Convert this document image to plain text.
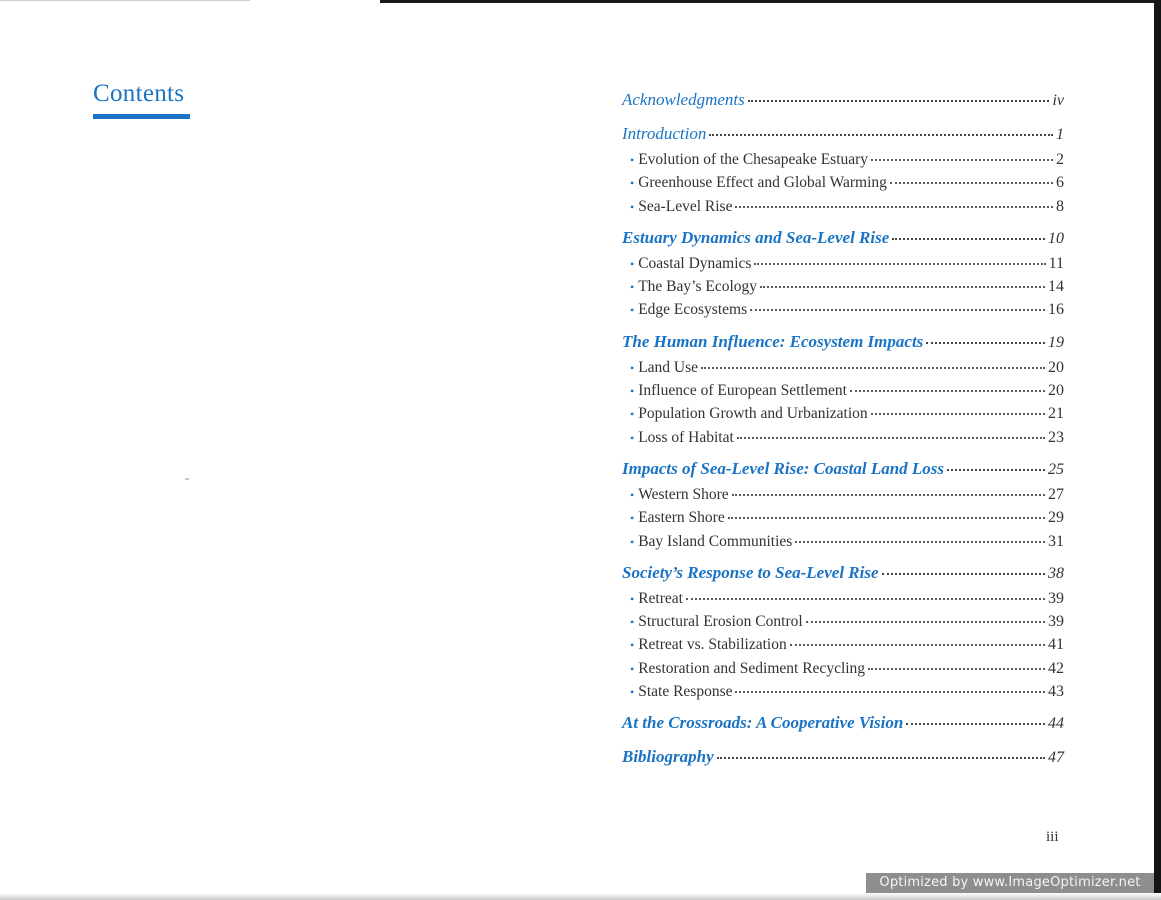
Contents	Acknowledgments	iv
Introduction	1
• Evolution of the Chesapeake Estuary	2
• Greenhouse Effect and Global Warming	6
• Sea-Level Rise	8
Estuary Dynamics and Sea-Level Rise	10
• Coastal Dynamics	11
• The Bay’s Ecology	14
• Edge Ecosystems	16
The Human Influence: Ecosystem Impacts	19
• Land Use	20
• Influence of European Settlement	20
• Population Growth and Urbanization	21
• Loss of Habitat	23
Impacts of Sea-Level Rise: Coastal Land Loss	25
• Western Shore	27
• Eastern Shore	29
• Bay Island Communities	31
Society’s Response to Sea-Level Rise	38
• Retreat	39
• Structural Erosion Control	39
• Retreat vs. Stabilization	41
• Restoration and Sediment Recycling	42
• State Response	43
At the Crossroads: A Cooperative Vision	44
Bibliography	47
iii
Optimized by www.ImageOptimizer.net
